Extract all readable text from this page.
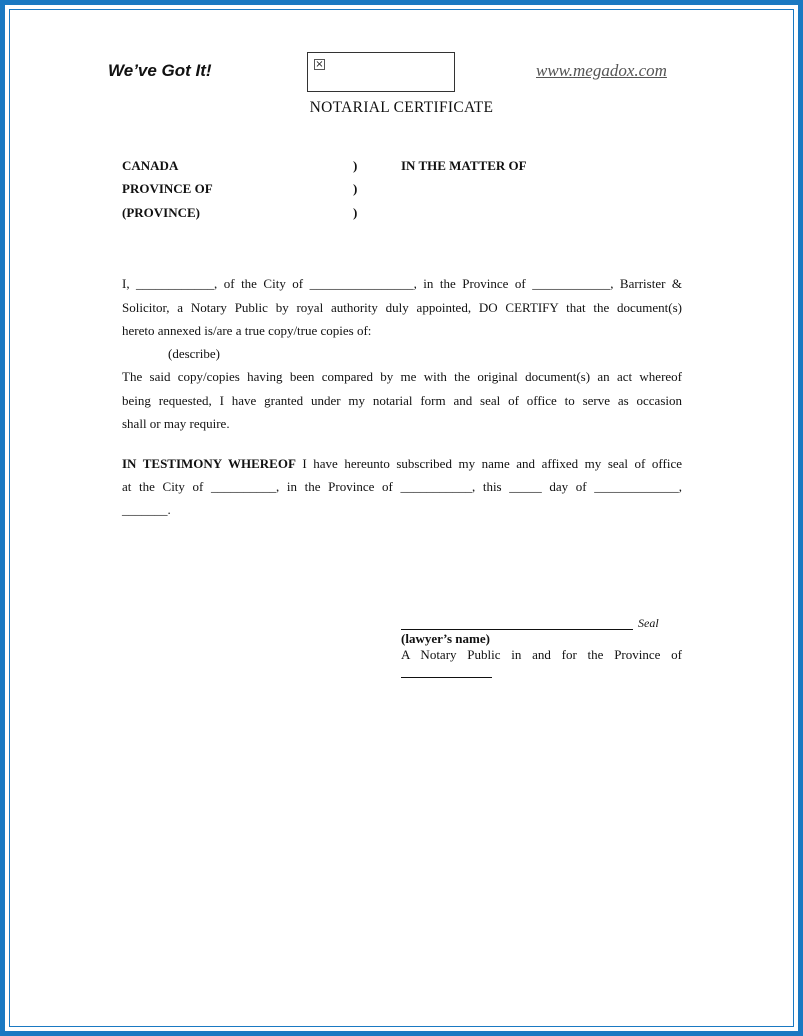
We’ve Got It!	×	www.megadox.com
NOTARIAL CERTIFICATE
CANADA
PROVINCE OF
(PROVINCE)
)
)
)
IN THE MATTER OF
I, ____________, of the City of ________________, in the Province of ____________, Barrister &
Solicitor, a Notary Public by royal authority duly appointed, DO CERTIFY that the document(s)
hereto annexed is/are a true copy/true copies of:
(describe)
The said copy/copies having been compared by me with the original document(s) an act whereof
being requested, I have granted under my notarial form and seal of office to serve as occasion
shall or may require.
IN TESTIMONY WHEREOF I have hereunto subscribed my name and affixed my seal of office
at the City of __________, in the Province of ___________, this _____ day of _____________,
_______.
Seal
(lawyer’s name)
A Notary Public in and for the Province of
